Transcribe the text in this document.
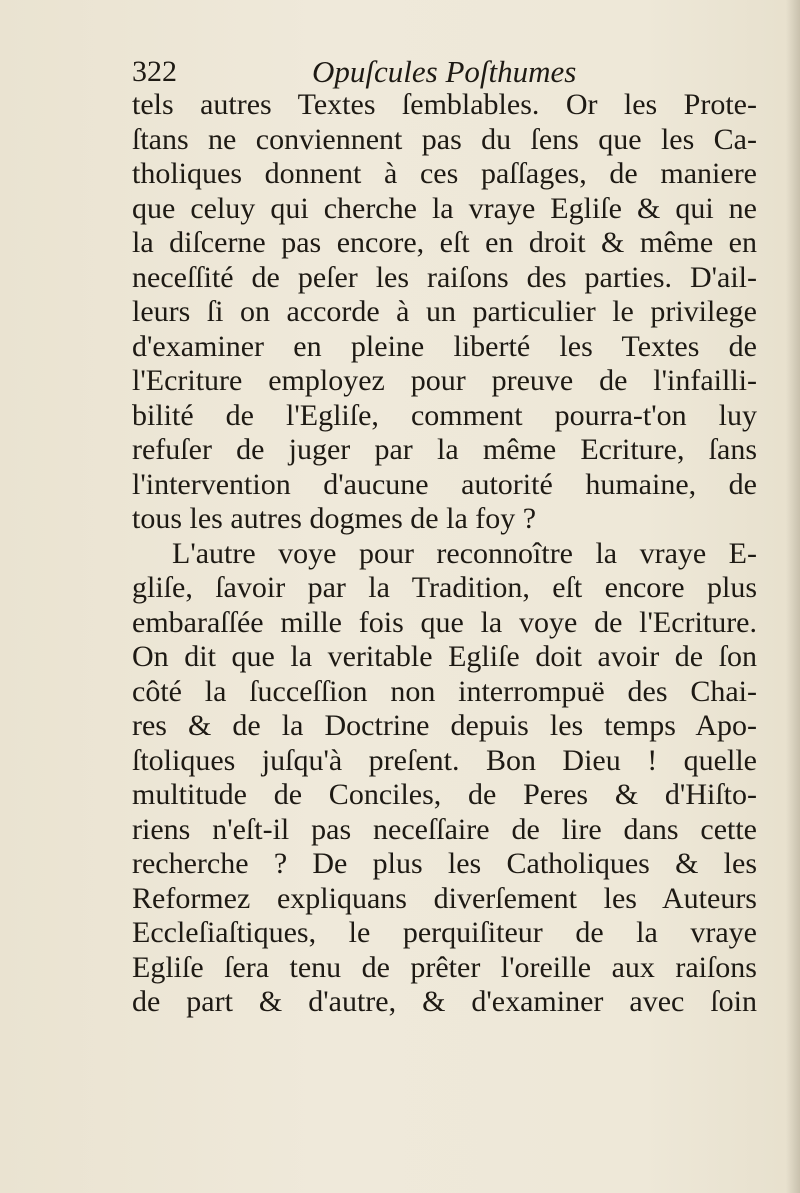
322	Opuſcules Poſthumes
tels autres Textes ſemblables. Or les Prote-
ſtans ne conviennent pas du ſens que les Ca-
tholiques donnent à ces paſſages, de maniere
que celuy qui cherche la vraye Egliſe & qui ne
la diſcerne pas encore, eſt en droit & même en
neceſſité de peſer les raiſons des parties. D'ail-
leurs ſi on accorde à un particulier le privilege
d'examiner en pleine liberté les Textes de
l'Ecriture employez pour preuve de l'infailli-
bilité de l'Egliſe, comment pourra-t'on luy
refuſer de juger par la même Ecriture, ſans
l'intervention d'aucune autorité humaine, de
tous les autres dogmes de la foy ?
L'autre voye pour reconnoître la vraye E-
gliſe, ſavoir par la Tradition, eſt encore plus
embaraſſée mille fois que la voye de l'Ecriture.
On dit que la veritable Egliſe doit avoir de ſon
côté la ſucceſſion non interrompuë des Chai-
res & de la Doctrine depuis les temps Apo-
ſtoliques juſqu'à preſent. Bon Dieu ! quelle
multitude de Conciles, de Peres & d'Hiſto-
riens n'eſt-il pas neceſſaire de lire dans cette
recherche ? De plus les Catholiques & les
Reformez expliquans diverſement les Auteurs
Eccleſiaſtiques, le perquiſiteur de la vraye
Egliſe ſera tenu de prêter l'oreille aux raiſons
de part & d'autre, & d'examiner avec ſoin
